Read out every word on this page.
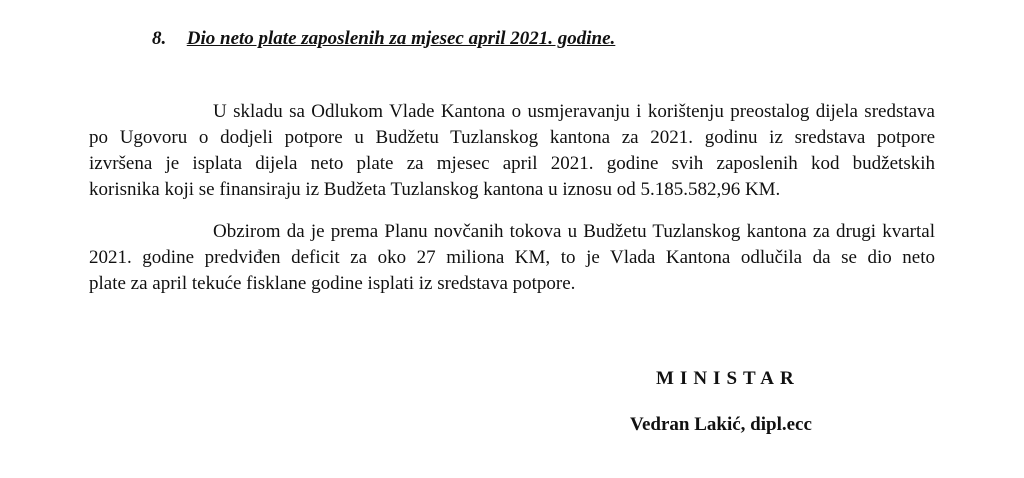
8. Dio neto plate zaposlenih za mjesec april 2021. godine.
U skladu sa Odlukom Vlade Kantona o usmjeravanju i korištenju preostalog dijela sredstava
po Ugovoru o dodjeli potpore u Budžetu Tuzlanskog kantona za 2021. godinu iz sredstava potpore
izvršena je isplata dijela neto plate za mjesec april 2021. godine svih zaposlenih kod budžetskih
korisnika koji se finansiraju iz Budžeta Tuzlanskog kantona u iznosu od 5.185.582,96 KM.
Obzirom da je prema Planu novčanih tokova u Budžetu Tuzlanskog kantona za drugi kvartal
2021. godine predviđen deficit za oko 27 miliona KM, to je Vlada Kantona odlučila da se dio neto
plate za april tekuće fisklane godine isplati iz sredstava potpore.
MINISTAR
Vedran Lakić, dipl.ecc
